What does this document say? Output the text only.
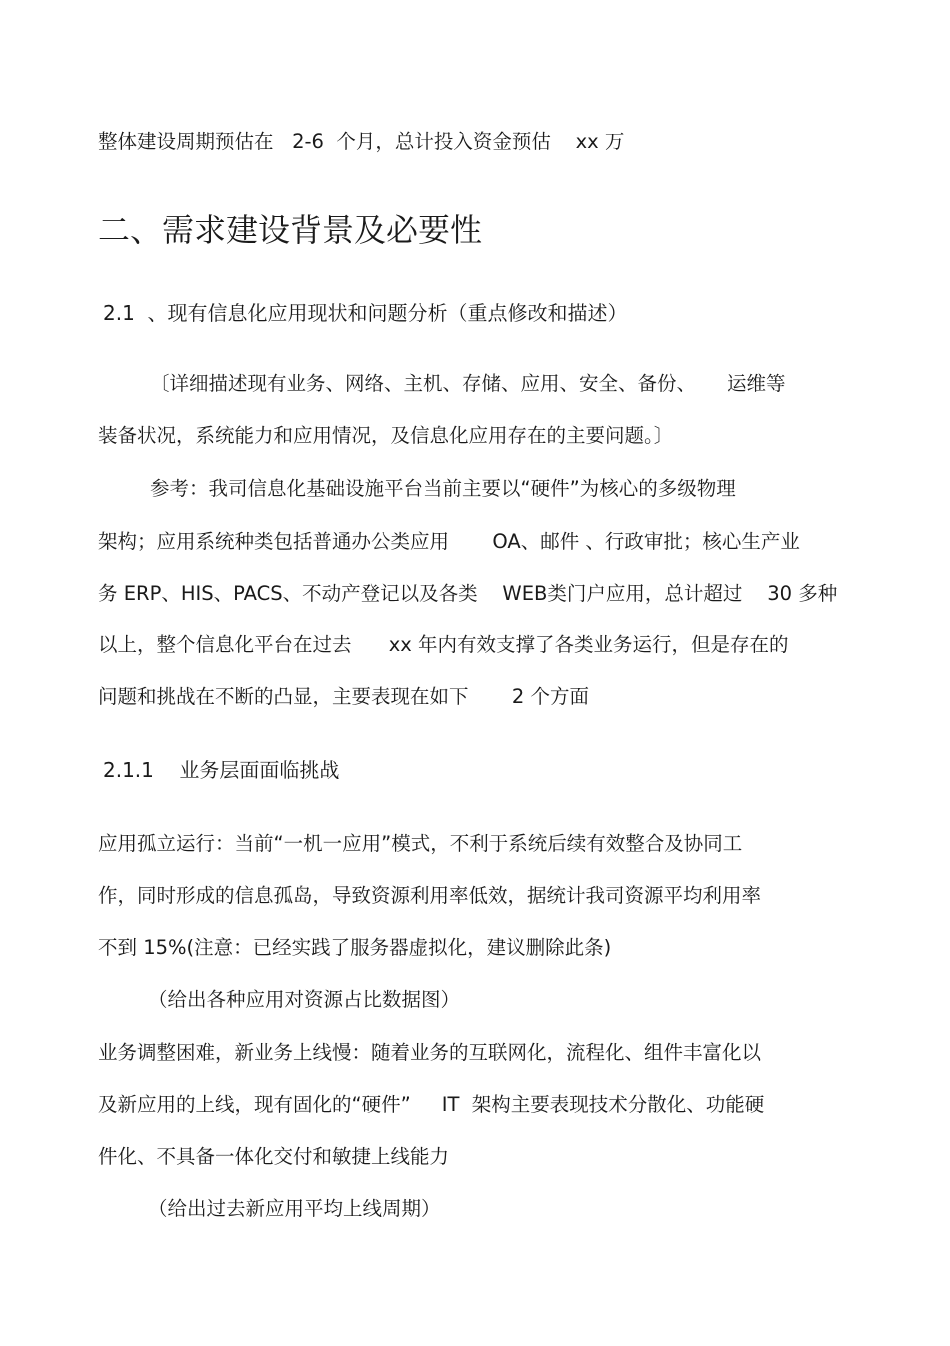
整体建设周期预估在   2-6  个月，总计投入资金预估    xx 万
二、需求建设背景及必要性
2.1  、现有信息化应用现状和问题分析（重点修改和描述）
〔详细描述现有业务、网络、主机、存储、应用、安全、备份、     运维等
装备状况，系统能力和应用情况，及信息化应用存在的主要问题。〕
参考：我司信息化基础设施平台当前主要以“硬件”为核心的多级物理
架构；应用系统种类包括普通办公类应用       OA、邮件 、行政审批；核心生产业
务 ERP、HIS、PACS、不动产登记以及各类    WEB类门户应用，总计超过    30 多种
以上，整个信息化平台在过去      xx 年内有效支撑了各类业务运行，但是存在的
问题和挑战在不断的凸显，主要表现在如下       2 个方面
2.1.1    业务层面面临挑战
应用孤立运行：当前“一机一应用”模式，不利于系统后续有效整合及协同工
作，同时形成的信息孤岛，导致资源利用率低效，据统计我司资源平均利用率
不到 15%(注意：已经实践了服务器虚拟化，建议删除此条)
（给出各种应用对资源占比数据图）
业务调整困难，新业务上线慢：随着业务的互联网化，流程化、组件丰富化以
及新应用的上线，现有固化的“硬件”     IT  架构主要表现技术分散化、功能硬
件化、不具备一体化交付和敏捷上线能力
（给出过去新应用平均上线周期）
